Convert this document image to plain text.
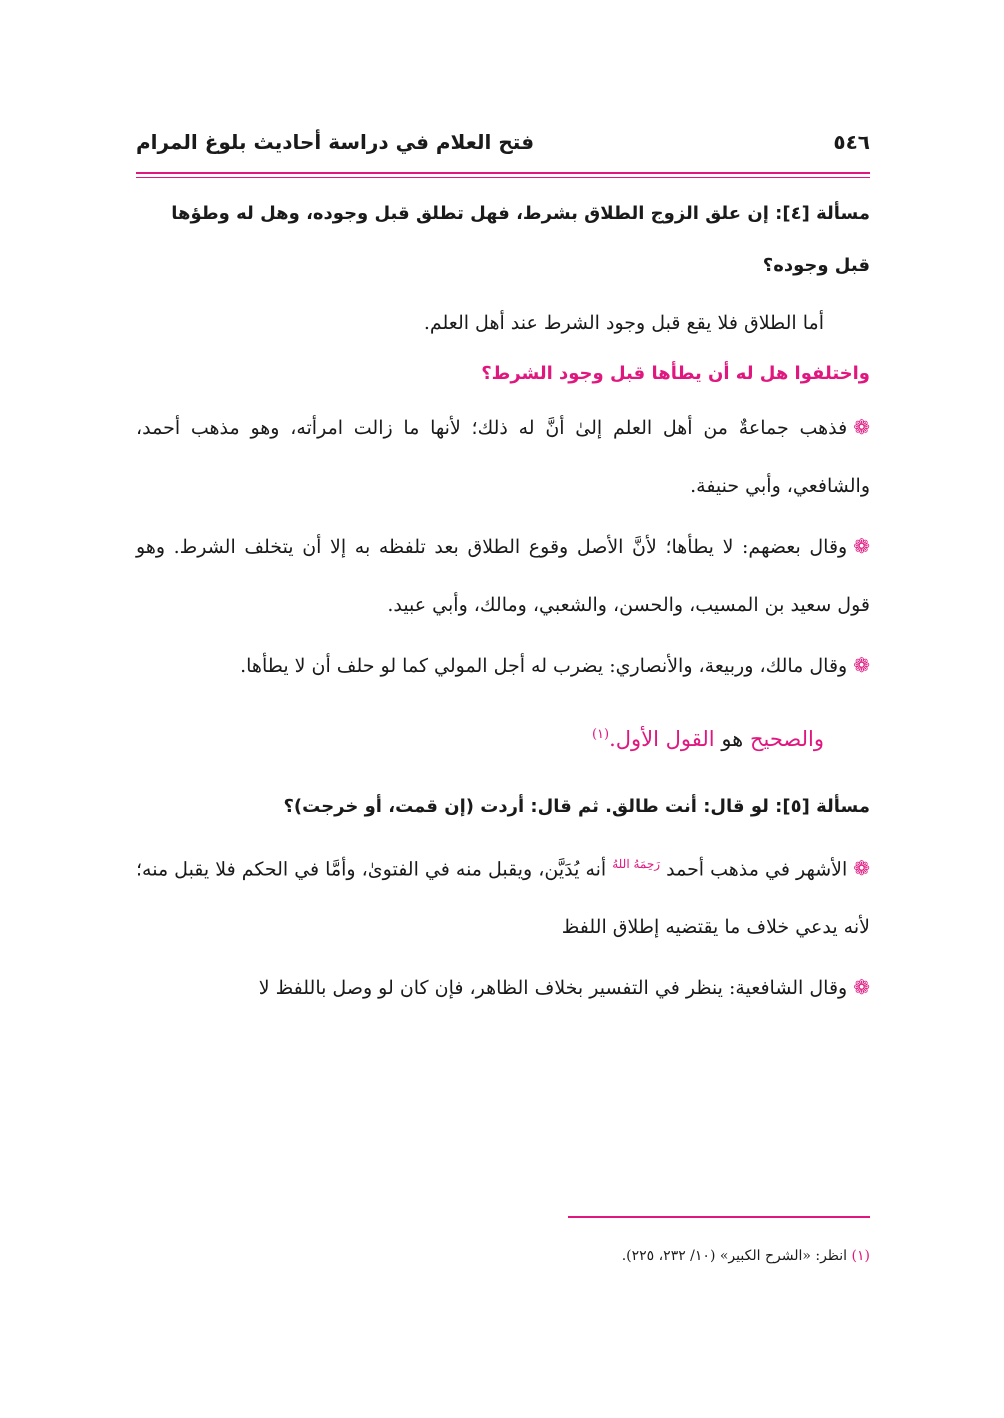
٥٤٦
فتح العلام في دراسة أحاديث بلوغ المرام
مسألة [٤]: إن علق الزوج الطلاق بشرط، فهل تطلق قبل وجوده، وهل له وطؤها قبل وجوده؟
أما الطلاق فلا يقع قبل وجود الشرط عند أهل العلم.
واختلفوا هل له أن يطأها قبل وجود الشرط؟
❁فذهب جماعةٌ من أهل العلم إلىٰ أنَّ له ذلك؛ لأنها ما زالت امرأته، وهو مذهب أحمد، والشافعي، وأبي حنيفة.
❁وقال بعضهم: لا يطأها؛ لأنَّ الأصل وقوع الطلاق بعد تلفظه به إلا أن يتخلف الشرط. وهو قول سعيد بن المسيب، والحسن، والشعبي، ومالك، وأبي عبيد.
❁وقال مالك، وربيعة، والأنصاري: يضرب له أجل المولي كما لو حلف أن لا يطأها.
والصحيح هو القول الأول.$^{(١)}$
مسألة [٥]: لو قال: أنت طالق. ثم قال: أردت (إن قمت، أو خرجت)؟
❁الأشهر في مذهب أحمد $^{رَحِمَهُ اللهُ}$ أنه يُدَيَّن، ويقبل منه في الفتوىٰ، وأمَّا في الحكم فلا يقبل منه؛ لأنه يدعي خلاف ما يقتضيه إطلاق اللفظ
❁وقال الشافعية: ينظر في التفسير بخلاف الظاهر، فإن كان لو وصل باللفظ لا
(١) انظر: «الشرح الكبير» (١٠/ ٢٣٢، ٢٢٥).
